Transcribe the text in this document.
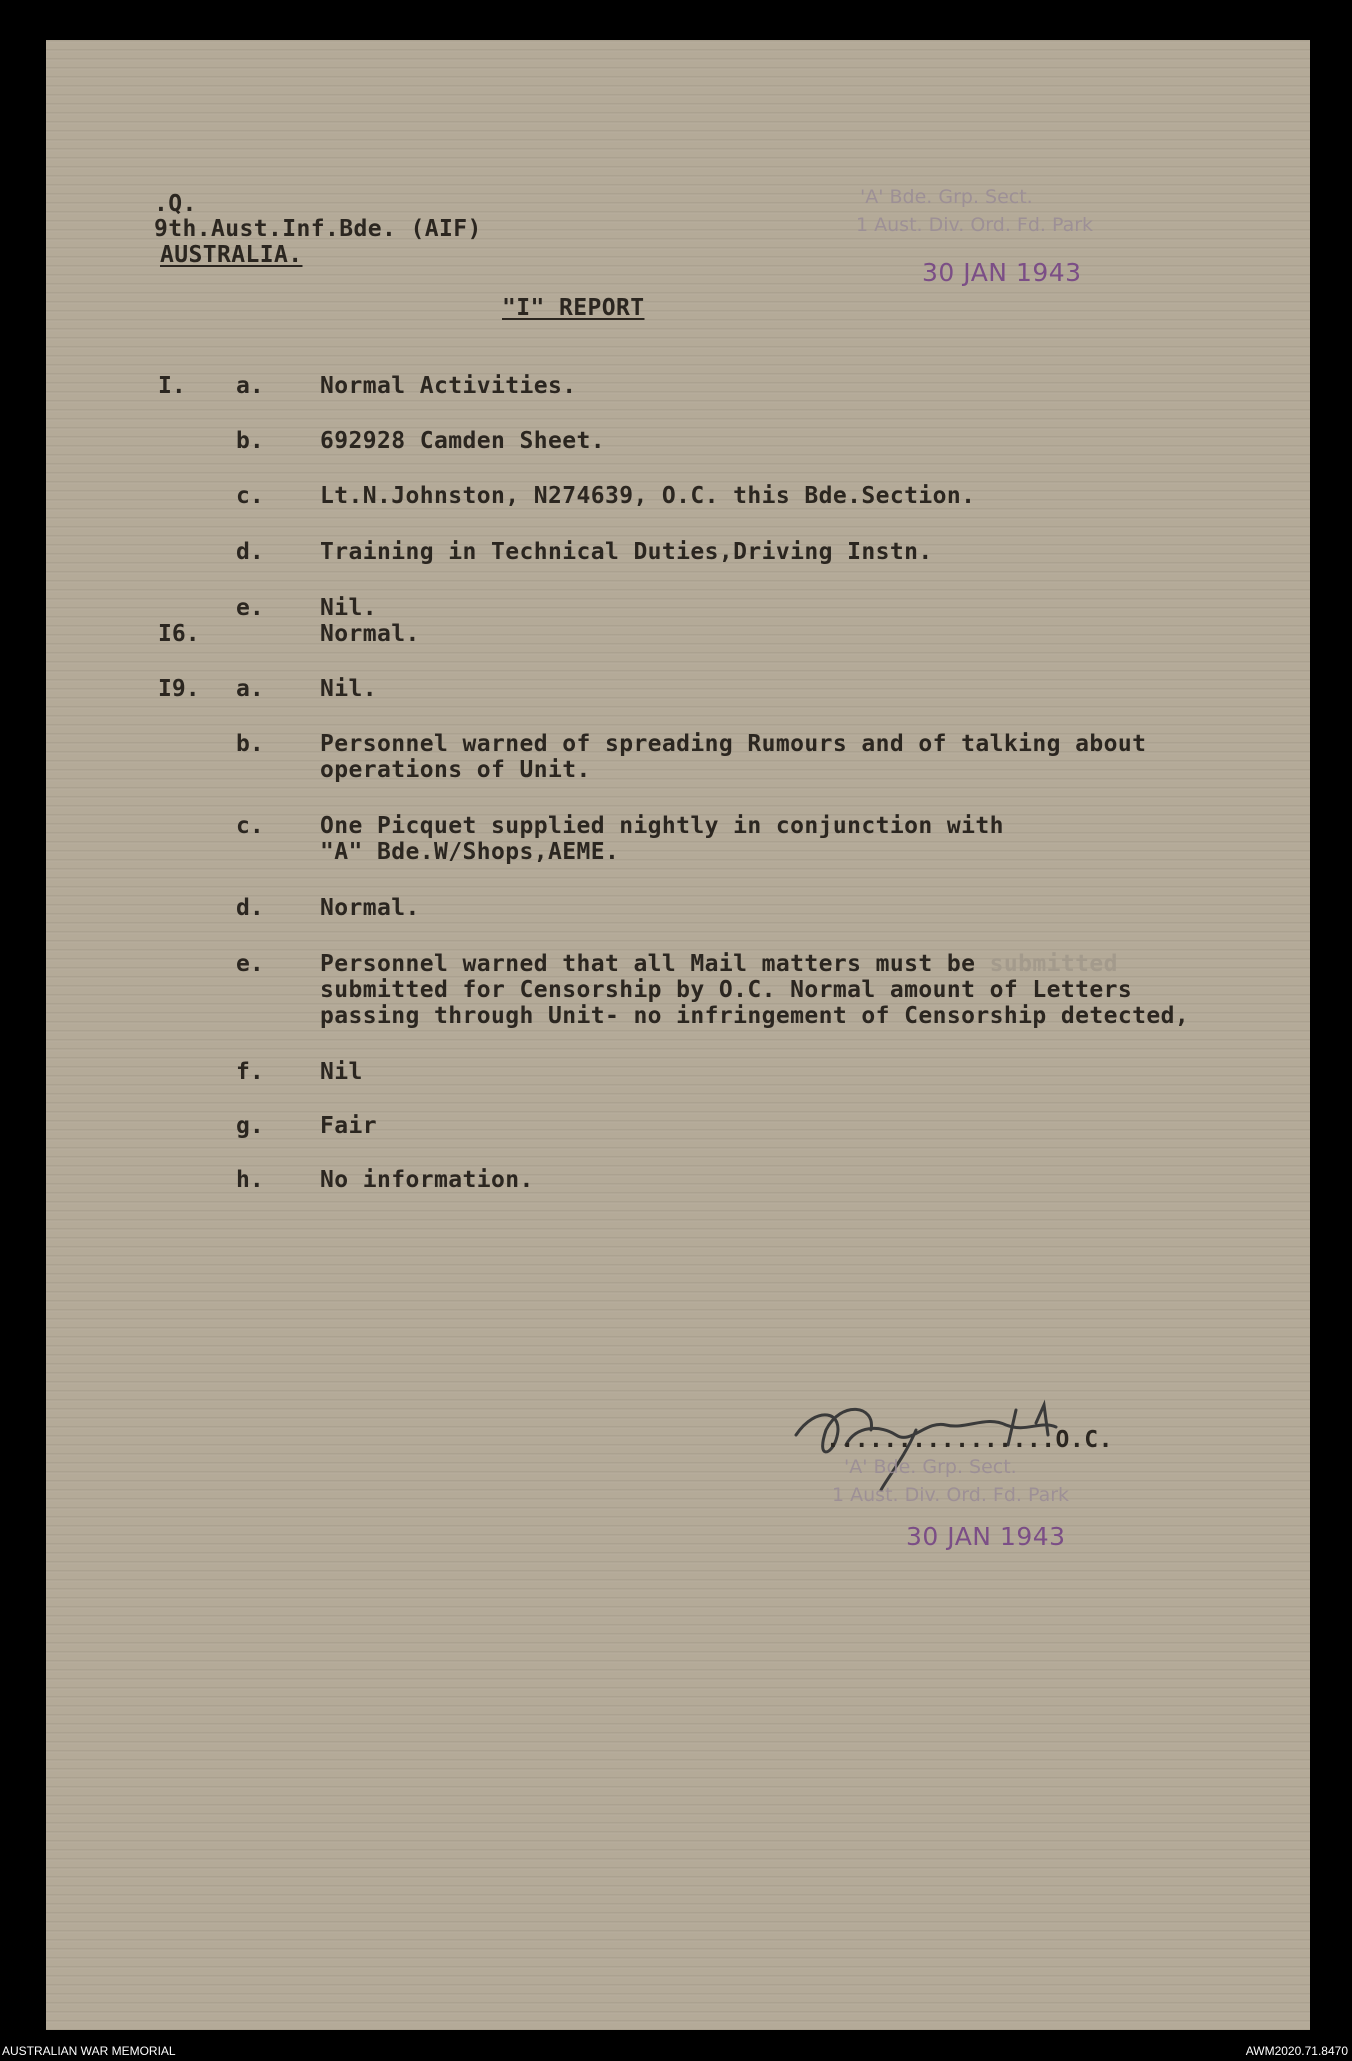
.Q.
9th.Aust.Inf.Bde. (AIF)
AUSTRALIA.
'A' Bde. Grp. Sect.
1 Aust. Div. Ord. Fd. Park
30 JAN 1943
"I" REPORT
I. a. Normal Activities.
b. 692928 Camden Sheet.
c. Lt.N.Johnston, N274639, O.C. this Bde.Section.
d. Training in Technical Duties,Driving Instn.
e. Nil.
I6.	Normal.
I9. a. Nil.
b. Personnel warned of spreading Rumours and of talking about
operations of Unit.
c. One Picquet supplied nightly in conjunction with
"A" Bde.W/Shops,AEME.
d. Normal.
e. Personnel warned that all Mail matters must be submitted
submitted for Censorship by O.C. Normal amount of Letters
passing through Unit- no infringement of Censorship detected,
f. Nil
g. Fair
h. No information.
................O.C.
'A' Bde. Grp. Sect.
1 Aust. Div. Ord. Fd. Park
30 JAN 1943
AUSTRALIAN WAR MEMORIAL	AWM2020.71.8470
